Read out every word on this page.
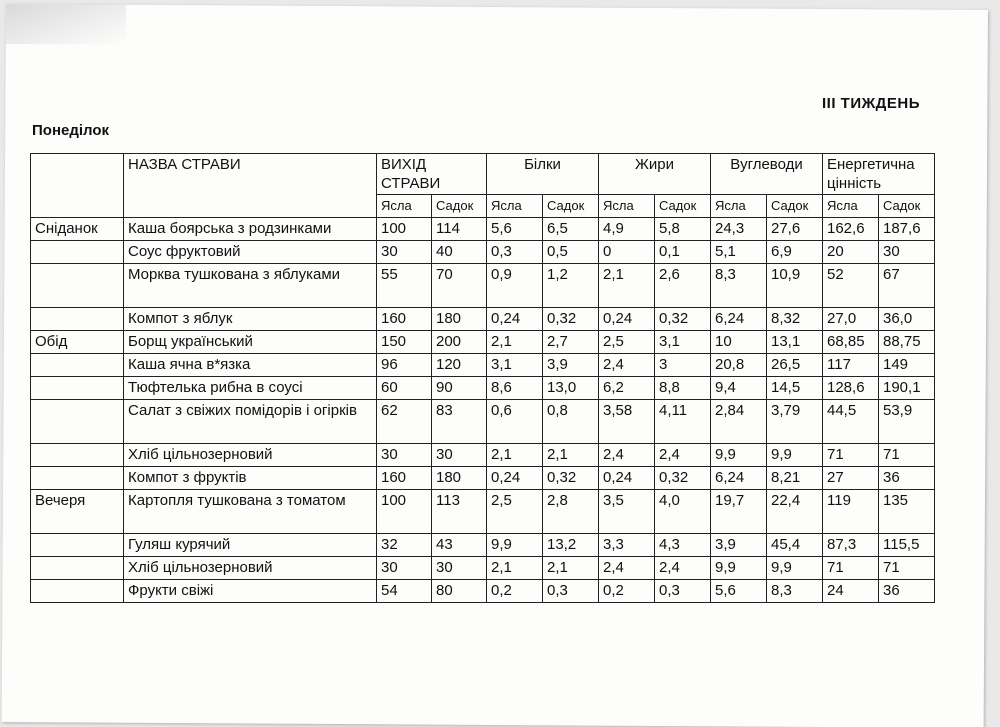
III ТИЖДЕНЬ
Понеділок
	НАЗВА СТРАВИ	ВИХІД СТРАВИ		Білки		Жири		Вуглеводи		Енергетична цінність	
		Ясла	Садок	Ясла	Садок	Ясла	Садок	Ясла	Садок	Ясла	Садок
Сніданок	Каша боярська з родзинками	100	114	5,6	6,5	4,9	5,8	24,3	27,6	162,6	187,6
	Соус фруктовий	30	40	0,3	0,5	0	0,1	5,1	6,9	20	30
	Морква тушкована з яблуками	55	70	0,9	1,2	2,1	2,6	8,3	10,9	52	67
	Компот з яблук	160	180	0,24	0,32	0,24	0,32	6,24	8,32	27,0	36,0
Обід	Борщ український	150	200	2,1	2,7	2,5	3,1	10	13,1	68,85	88,75
	Каша ячна в*язка	96	120	3,1	3,9	2,4	3	20,8	26,5	117	149
	Тюфтелька рибна в соусі	60	90	8,6	13,0	6,2	8,8	9,4	14,5	128,6	190,1
	Салат з свіжих помідорів і огірків	62	83	0,6	0,8	3,58	4,11	2,84	3,79	44,5	53,9
	Хліб цільнозерновий	30	30	2,1	2,1	2,4	2,4	9,9	9,9	71	71
	Компот з фруктів	160	180	0,24	0,32	0,24	0,32	6,24	8,21	27	36
Вечеря	Картопля тушкована з томатом	100	113	2,5	2,8	3,5	4,0	19,7	22,4	119	135
	Гуляш курячий	32	43	9,9	13,2	3,3	4,3	3,9	45,4	87,3	115,5
	Хліб цільнозерновий	30	30	2,1	2,1	2,4	2,4	9,9	9,9	71	71
	Фрукти свіжі	54	80	0,2	0,3	0,2	0,3	5,6	8,3	24	36
